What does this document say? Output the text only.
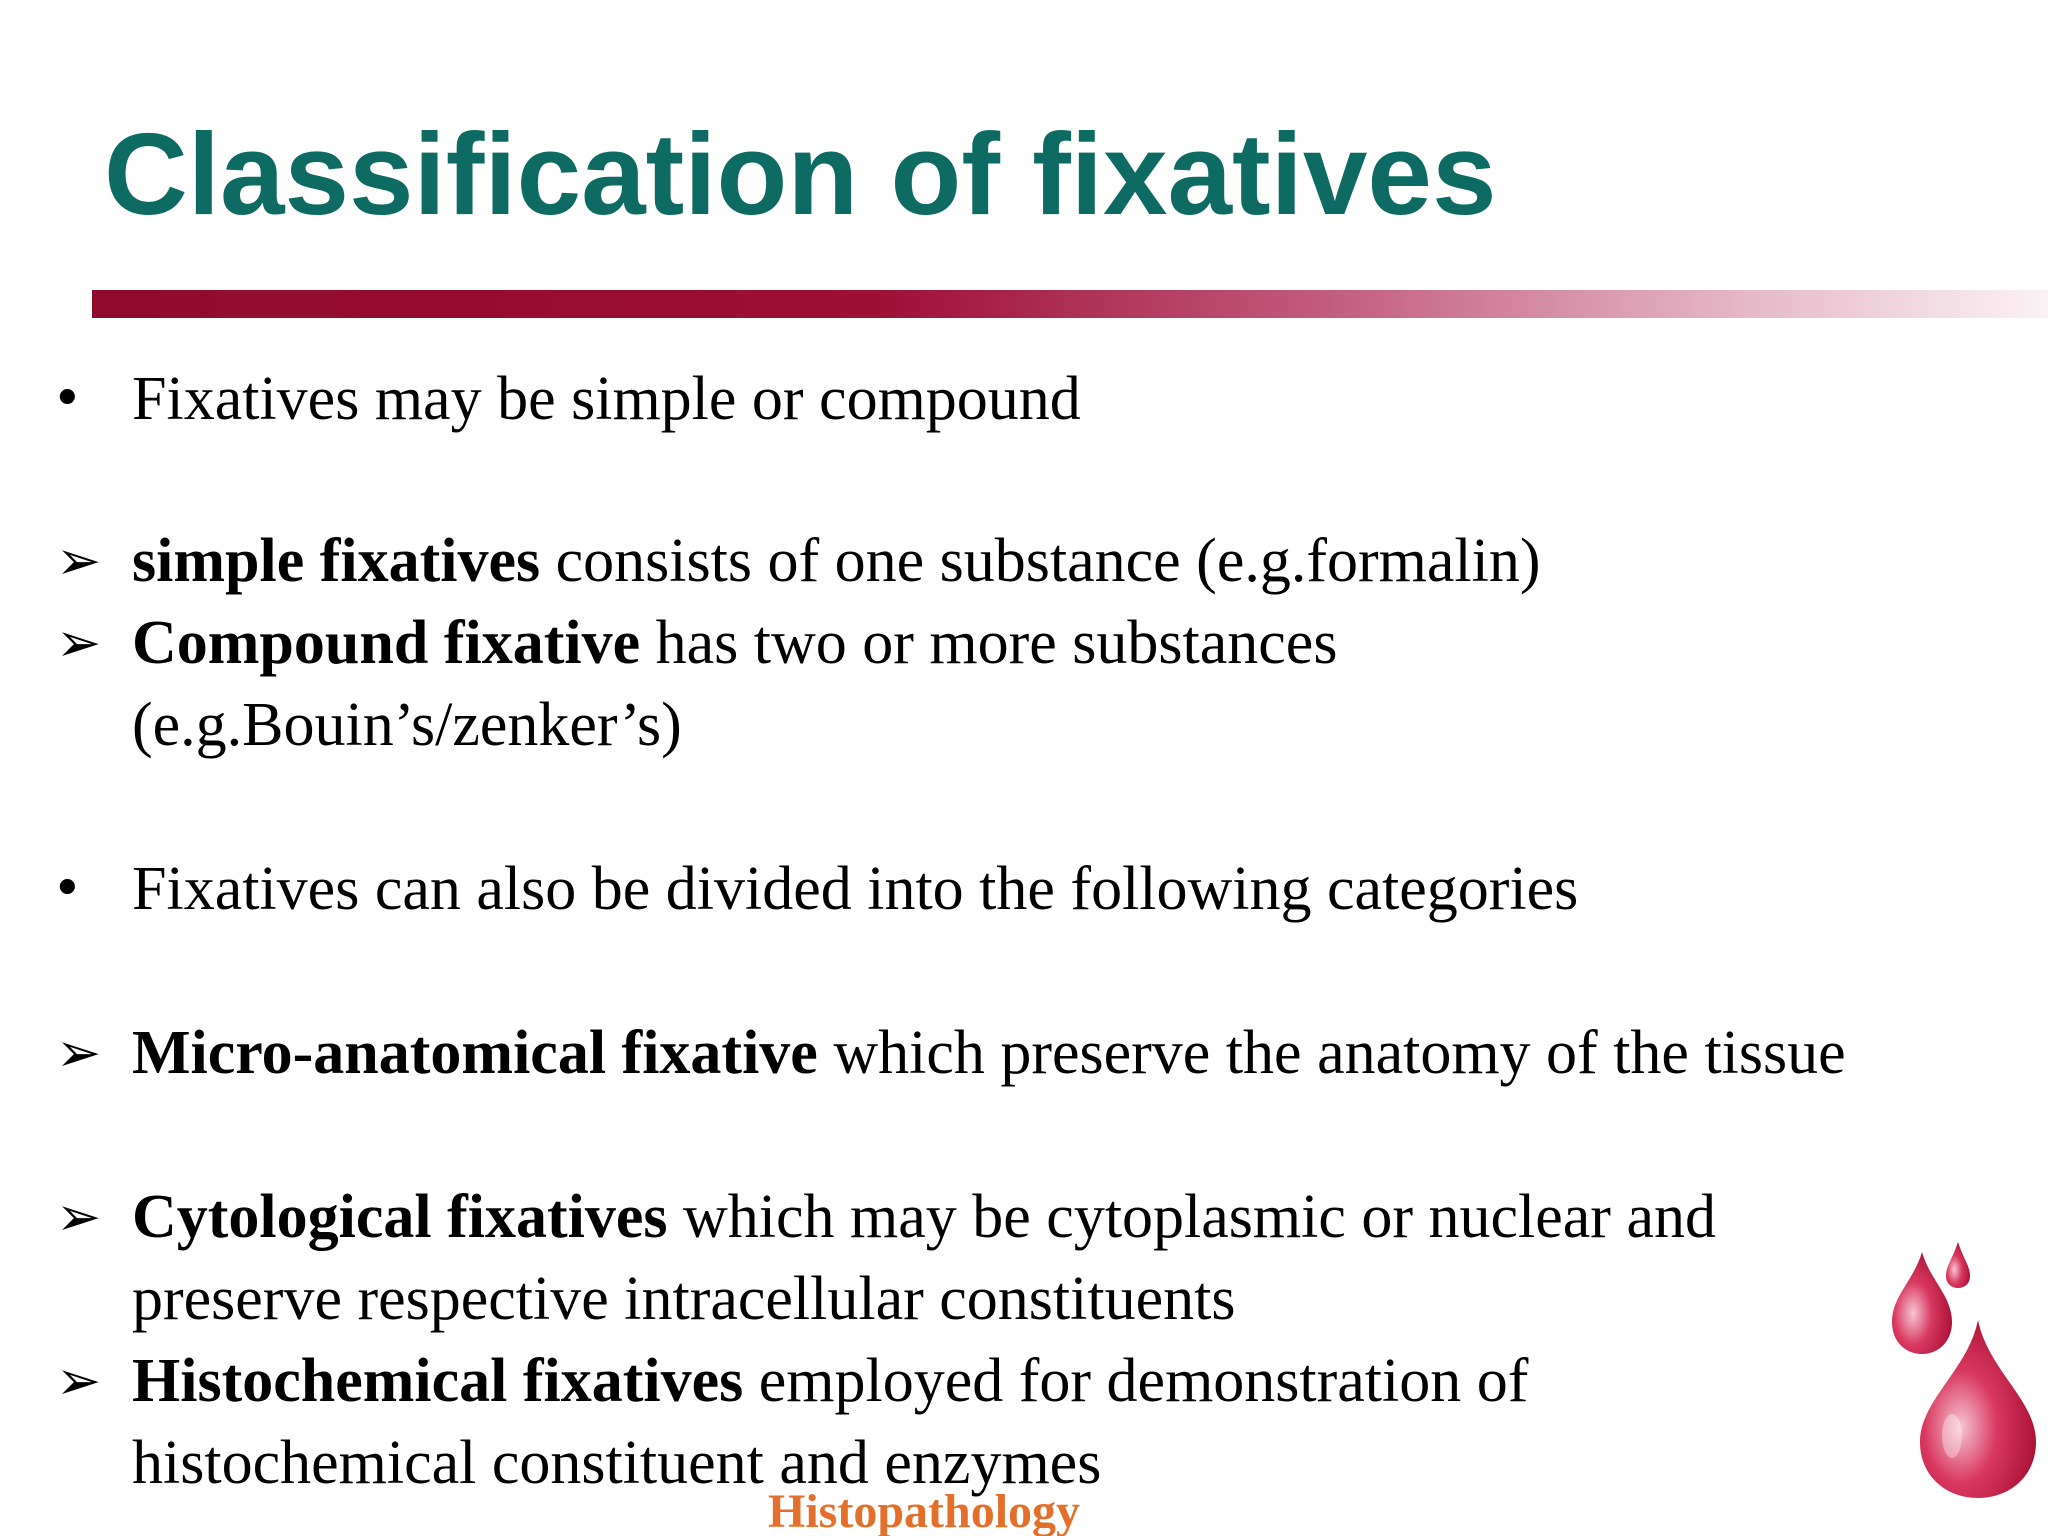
Classification of fixatives
• Fixatives may be simple or compound
➢ simple fixatives consists of one substance (e.g.formalin)
➢ Compound fixative has two or more substances (e.g.Bouin’s/zenker’s)
• Fixatives can also be divided into the following categories
➢ Micro-anatomical fixative which preserve the anatomy of the tissue
➢ Cytological fixatives which may be cytoplasmic or nuclear and preserve respective intracellular constituents
➢ Histochemical fixatives employed for demonstration of histochemical constituent and enzymes
Histopathology
